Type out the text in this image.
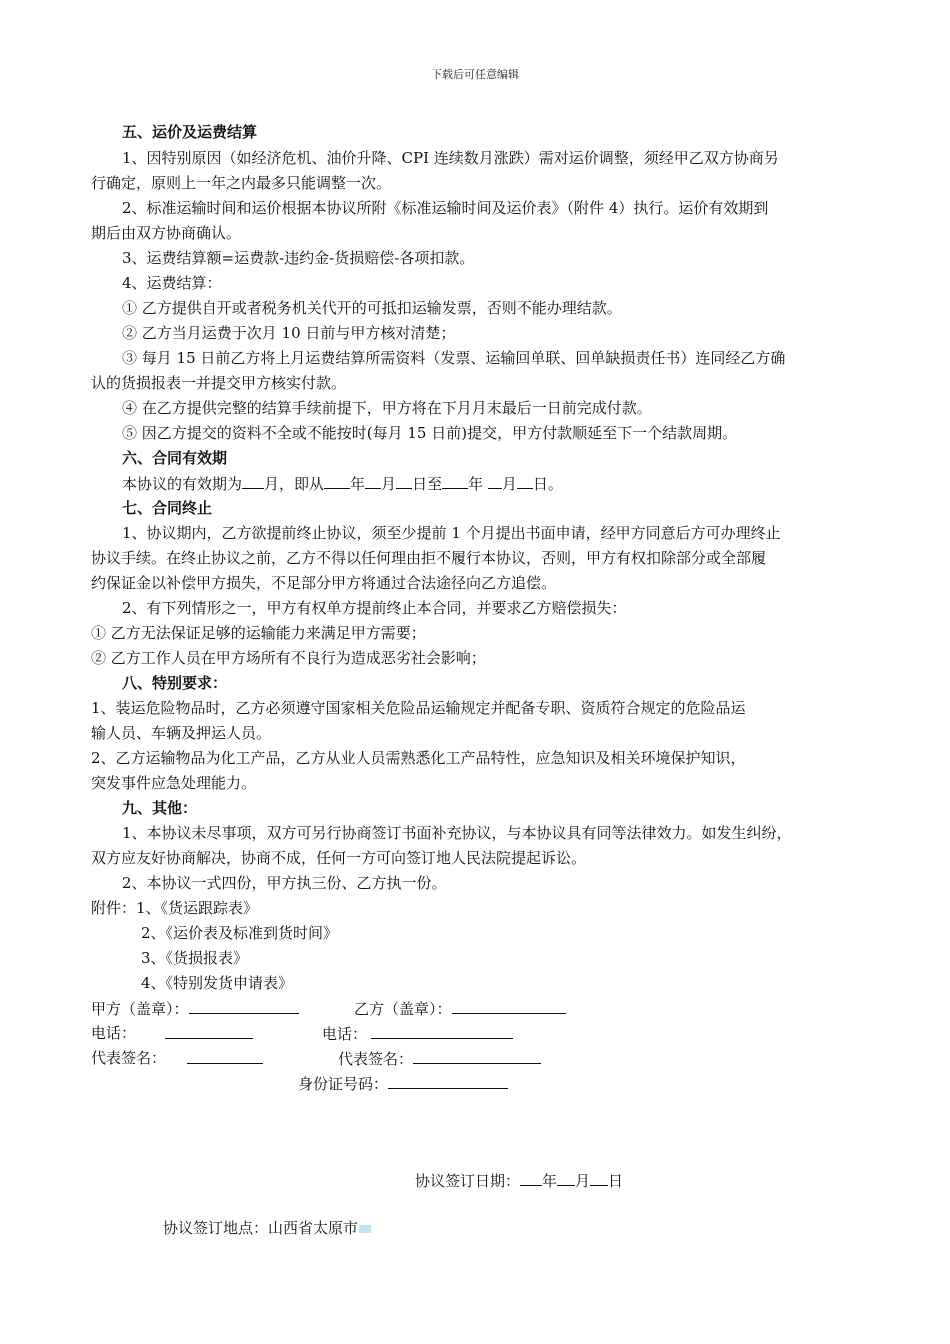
下载后可任意编辑
五、运价及运费结算
1、因特别原因（如经济危机、油价升降、CPI 连续数月涨跌）需对运价调整，须经甲乙双方协商另
行确定，原则上一年之内最多只能调整一次。
2、标准运输时间和运价根据本协议所附《标准运输时间及运价表》（附件 4）执行。运价有效期到
期后由双方协商确认。
3、运费结算额=运费款-违约金-货损赔偿-各项扣款。
4、运费结算：
① 乙方提供自开或者税务机关代开的可抵扣运输发票，否则不能办理结款。
② 乙方当月运费于次月 10 日前与甲方核对清楚；
③ 每月 15 日前乙方将上月运费结算所需资料（发票、运输回单联、回单缺损责任书）连同经乙方确
认的货损报表一并提交甲方核实付款。
④ 在乙方提供完整的结算手续前提下，甲方将在下月月末最后一日前完成付款。
⑤ 因乙方提交的资料不全或不能按时(每月 15 日前)提交，甲方付款顺延至下一个结款周期。
六、合同有效期
本协议的有效期为 月，即从 年 月 日至 年 月 日。
七、合同终止
1、协议期内，乙方欲提前终止协议，须至少提前 1 个月提出书面申请，经甲方同意后方可办理终止
协议手续。在终止协议之前，乙方不得以任何理由拒不履行本协议，否则，甲方有权扣除部分或全部履
约保证金以补偿甲方损失，不足部分甲方将通过合法途径向乙方追偿。
2、有下列情形之一，甲方有权单方提前终止本合同，并要求乙方赔偿损失：
① 乙方无法保证足够的运输能力来满足甲方需要；
② 乙方工作人员在甲方场所有不良行为造成恶劣社会影响；
八、特别要求：
1、装运危险物品时，乙方必须遵守国家相关危险品运输规定并配备专职、资质符合规定的危险品运
输人员、车辆及押运人员。
2、乙方运输物品为化工产品，乙方从业人员需熟悉化工产品特性，应急知识及相关环境保护知识，
突发事件应急处理能力。
九、其他：
1、本协议未尽事项，双方可另行协商签订书面补充协议，与本协议具有同等法律效力。如发生纠纷，
双方应友好协商解决，协商不成，任何一方可向签订地人民法院提起诉讼。
2、本协议一式四份，甲方执三份、乙方执一份。
附件：1、《货运跟踪表》
2、《运价表及标准到货时间》
3、《货损报表》
4、《特别发货申请表》
甲方（盖章）：	乙方（盖章）：
电话：	电话：
代表签名：	代表签名：
身份证号码：
协议签订日期： 年 月 日
协议签订地点：山西省太原市
